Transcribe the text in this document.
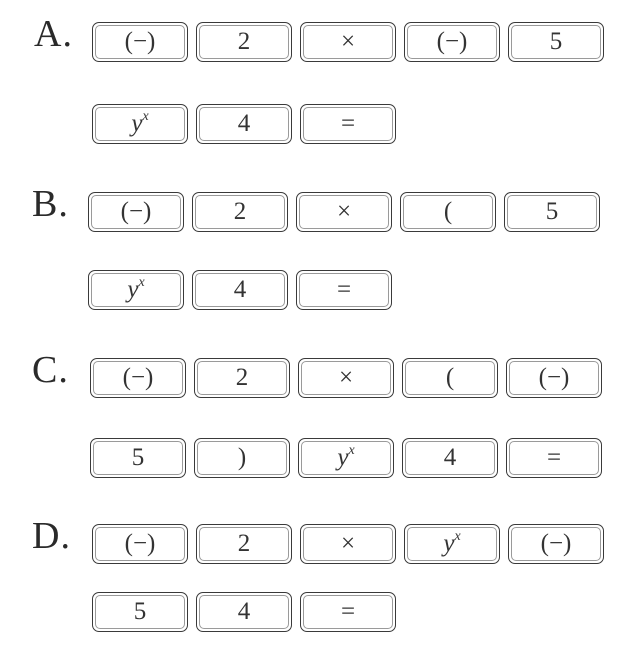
A. (−)	2	×	(−)	5
$y^x$	4	=
B. (−)	2	×	(	5
$y^x$	4	=
C. (−)	2	×	(	(−)
5	)	$y^x$	4	=
D. (−)	2	×	$y^x$	(−)
5	4	=
